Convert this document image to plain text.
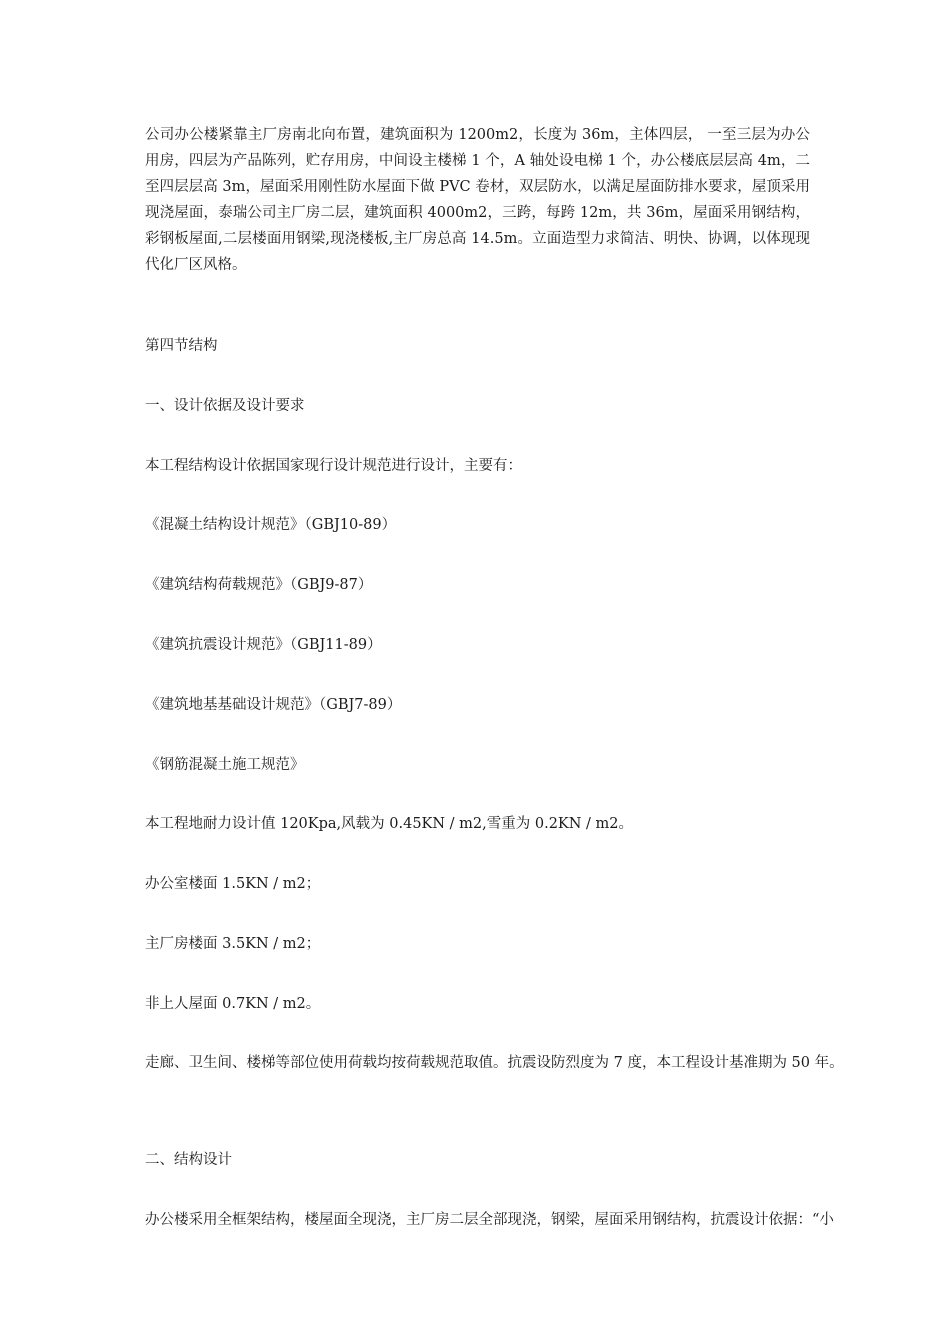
公司办公楼紧靠主厂房南北向布置，建筑面积为 1200m2，长度为 36m，主体四层， 一至三层为办公用房，四层为产品陈列，贮存用房，中间设主楼梯 1 个，A 轴处设电梯 1 个，办公楼底层层高 4m，二至四层层高 3m，屋面采用刚性防水屋面下做 PVC 卷材，双层防水，以满足屋面防排水要求，屋顶采用现浇屋面，泰瑞公司主厂房二层，建筑面积 4000m2，三跨，每跨 12m，共 36m，屋面采用钢结构，彩钢板屋面,二层楼面用钢梁,现浇楼板,主厂房总高 14.5m。立面造型力求简洁、明快、协调，以体现现代化厂区风格。

第四节结构

一、设计依据及设计要求

本工程结构设计依据国家现行设计规范进行设计，主要有：

《混凝土结构设计规范》（GBJ10-89）

《建筑结构荷载规范》（GBJ9-87）

《建筑抗震设计规范》（GBJ11-89）

《建筑地基基础设计规范》（GBJ7-89）

《钢筋混凝土施工规范》

本工程地耐力设计值 120Kpa,风载为 0.45KN / m2,雪重为 0.2KN / m2。

办公室楼面 1.5KN / m2；

主厂房楼面 3.5KN / m2；

非上人屋面 0.7KN / m2。

走廊、卫生间、楼梯等部位使用荷载均按荷载规范取值。抗震设防烈度为 7 度，本工程设计基准期为 50 年。

二、结构设计

办公楼采用全框架结构，楼屋面全现浇，主厂房二层全部现浇，钢梁，屋面采用钢结构，抗震设计依据：“小
